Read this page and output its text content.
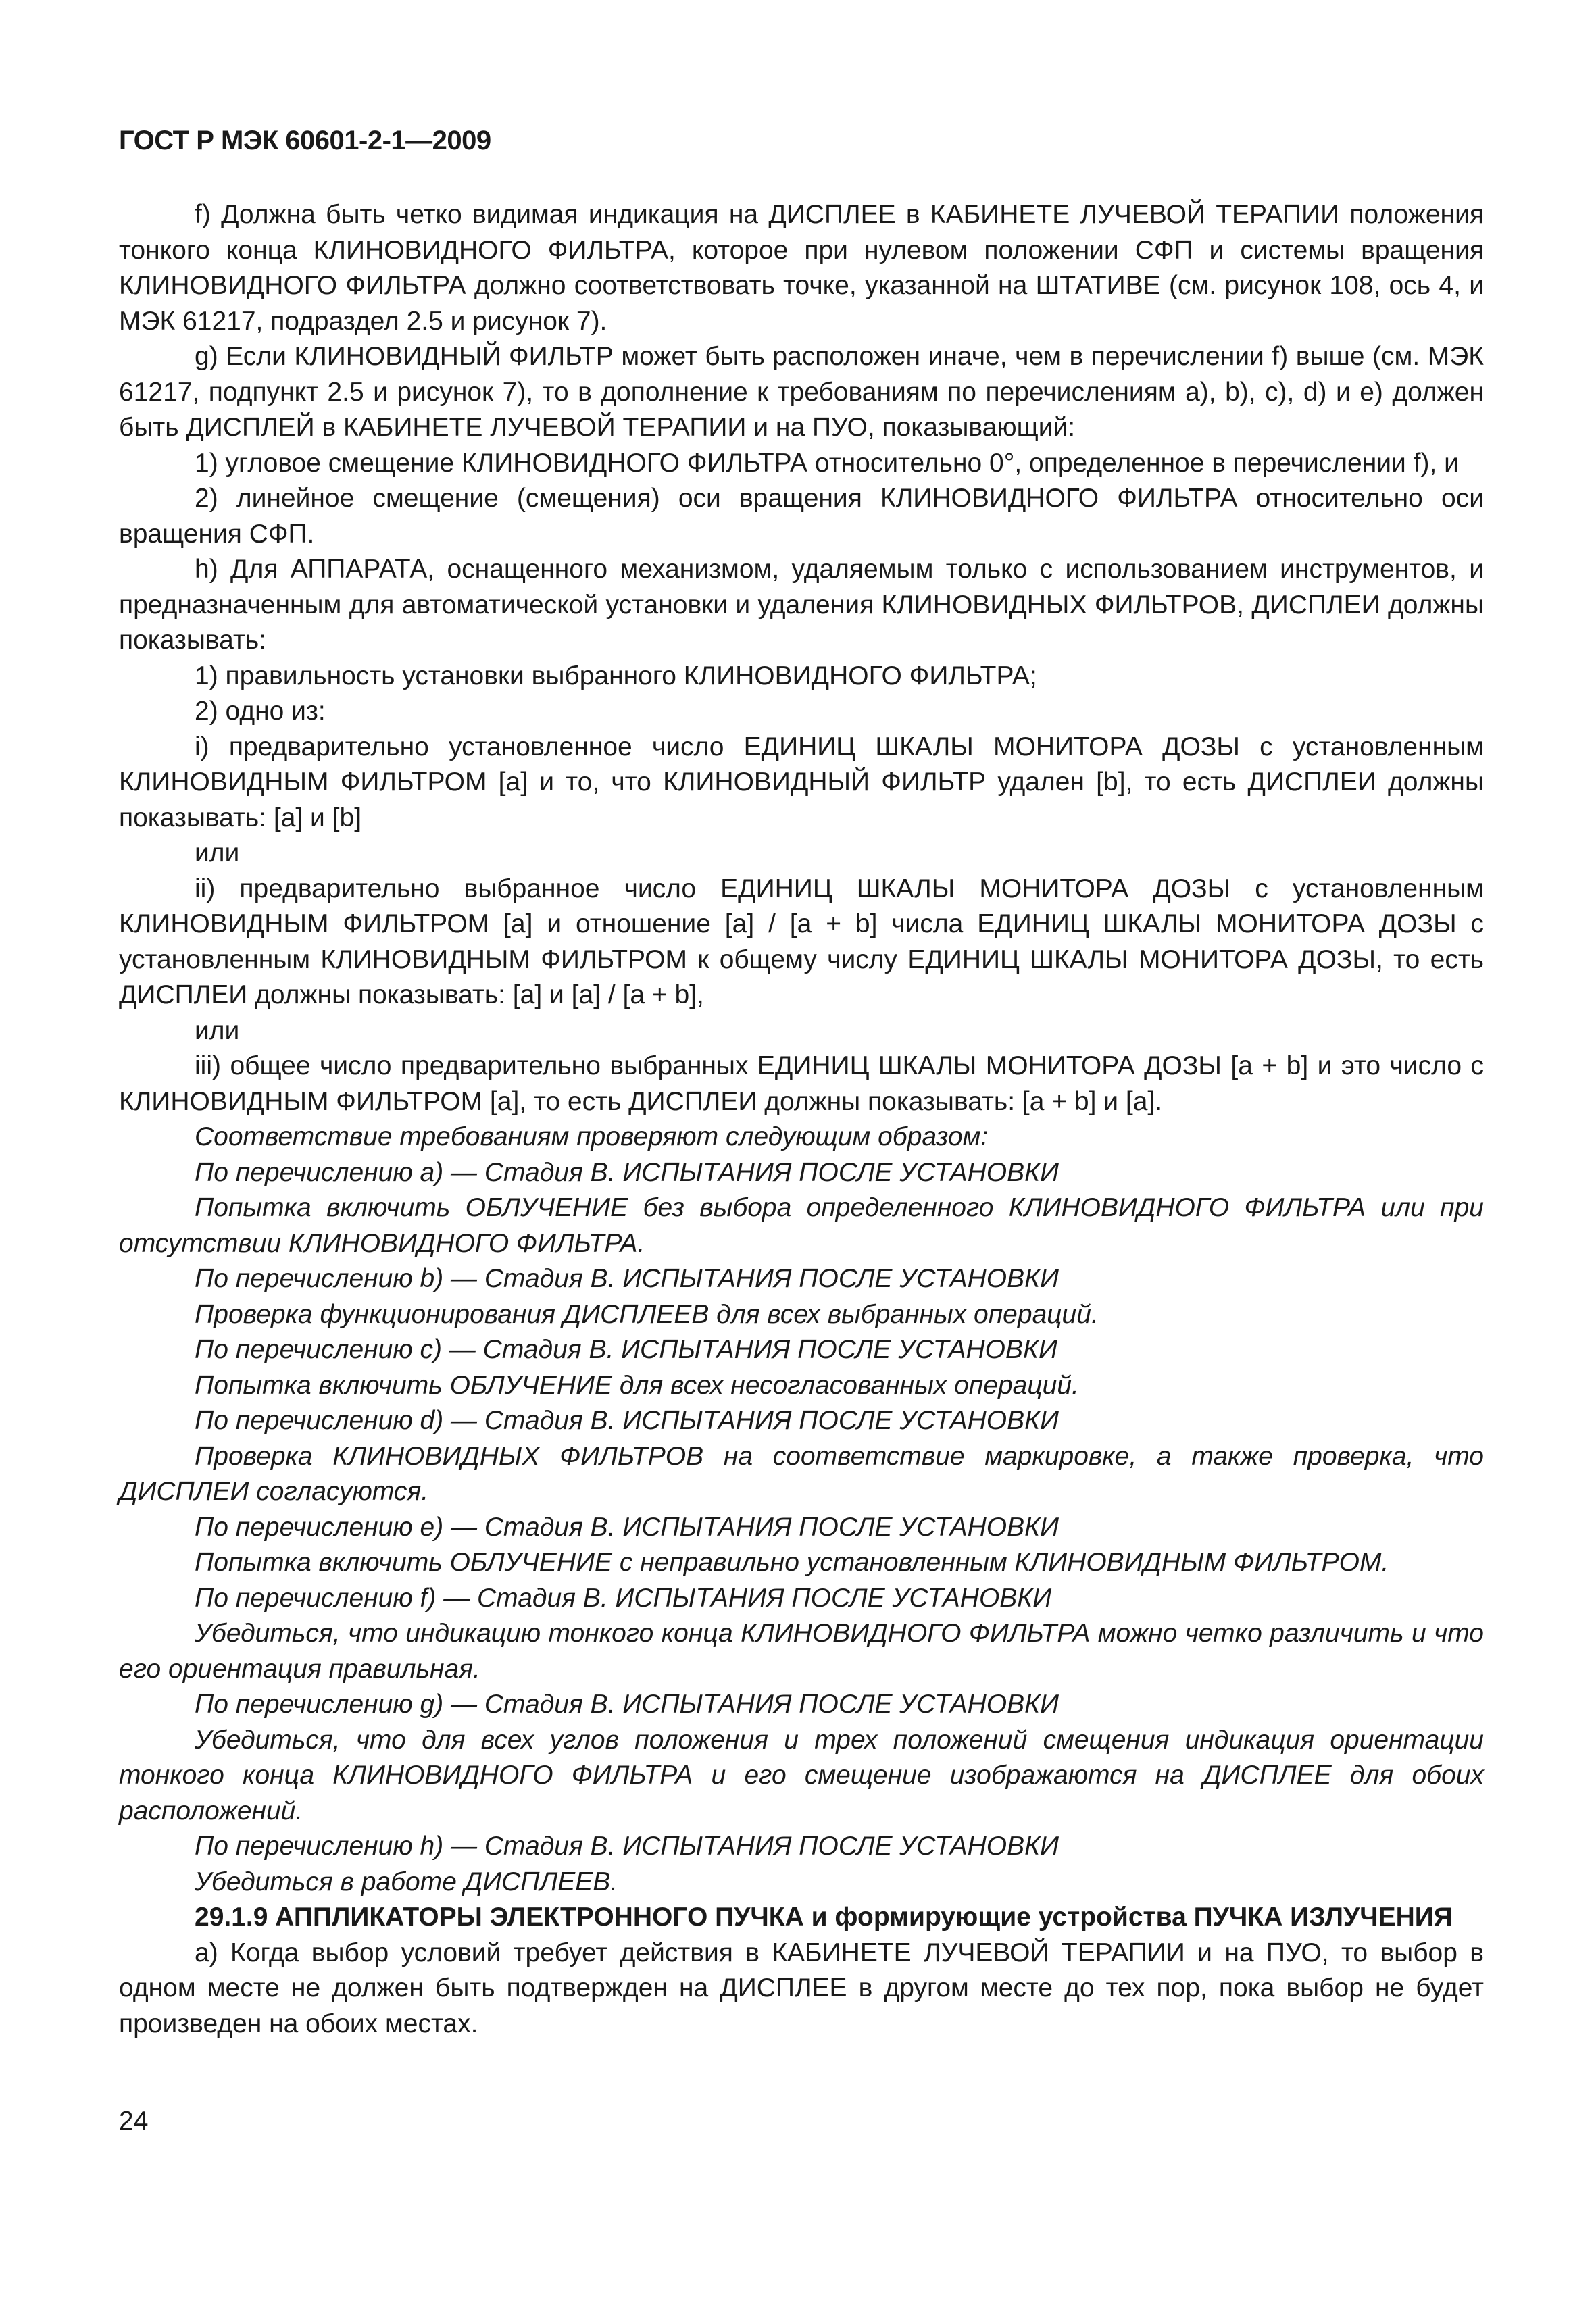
ГОСТ Р МЭК 60601-2-1—2009

f) Должна быть четко видимая индикация на ДИСПЛЕЕ в КАБИНЕТЕ ЛУЧЕВОЙ ТЕРАПИИ положения тонкого конца КЛИНОВИДНОГО ФИЛЬТРА, которое при нулевом положении СФП и системы вращения КЛИНОВИДНОГО ФИЛЬТРА должно соответствовать точке, указанной на ШТАТИВЕ (см. рисунок 108, ось 4, и МЭК 61217, подраздел 2.5 и рисунок 7).

g) Если КЛИНОВИДНЫЙ ФИЛЬТР может быть расположен иначе, чем в перечислении f) выше (см. МЭК 61217, подпункт 2.5 и рисунок 7), то в дополнение к требованиям по перечислениям a), b), c), d) и e) должен быть ДИСПЛЕЙ в КАБИНЕТЕ ЛУЧЕВОЙ ТЕРАПИИ и на ПУО, показывающий:

1) угловое смещение КЛИНОВИДНОГО ФИЛЬТРА относительно 0°, определенное в перечислении f), и

2) линейное смещение (смещения) оси вращения КЛИНОВИДНОГО ФИЛЬТРА относительно оси вращения СФП.

h) Для АППАРАТА, оснащенного механизмом, удаляемым только с использованием инструментов, и предназначенным для автоматической установки и удаления КЛИНОВИДНЫХ ФИЛЬТРОВ, ДИСПЛЕИ должны показывать:

1) правильность установки выбранного КЛИНОВИДНОГО ФИЛЬТРА;

2) одно из:

i) предварительно установленное число ЕДИНИЦ ШКАЛЫ МОНИТОРА ДОЗЫ с установленным КЛИНОВИДНЫМ ФИЛЬТРОМ [a] и то, что КЛИНОВИДНЫЙ ФИЛЬТР удален [b], то есть ДИСПЛЕИ должны показывать: [a] и [b]

или

ii) предварительно выбранное число ЕДИНИЦ ШКАЛЫ МОНИТОРА ДОЗЫ с установленным КЛИНОВИДНЫМ ФИЛЬТРОМ [a] и отношение [a] / [a + b] числа ЕДИНИЦ ШКАЛЫ МОНИТОРА ДОЗЫ с установленным КЛИНОВИДНЫМ ФИЛЬТРОМ к общему числу ЕДИНИЦ ШКАЛЫ МОНИТОРА ДОЗЫ, то есть ДИСПЛЕИ должны показывать: [a] и [a] / [a + b],

или

iii) общее число предварительно выбранных ЕДИНИЦ ШКАЛЫ МОНИТОРА ДОЗЫ [a + b] и это число с КЛИНОВИДНЫМ ФИЛЬТРОМ [a], то есть ДИСПЛЕИ должны показывать: [a + b] и [a].

Соответствие требованиям проверяют следующим образом:

По перечислению a) — Стадия В. ИСПЫТАНИЯ ПОСЛЕ УСТАНОВКИ

Попытка включить ОБЛУЧЕНИЕ без выбора определенного КЛИНОВИДНОГО ФИЛЬТРА или при отсутствии КЛИНОВИДНОГО ФИЛЬТРА.

По перечислению b) — Стадия В. ИСПЫТАНИЯ ПОСЛЕ УСТАНОВКИ

Проверка функционирования ДИСПЛЕЕВ для всех выбранных операций.

По перечислению c) — Стадия В. ИСПЫТАНИЯ ПОСЛЕ УСТАНОВКИ

Попытка включить ОБЛУЧЕНИЕ для всех несогласованных операций.

По перечислению d) — Стадия В. ИСПЫТАНИЯ ПОСЛЕ УСТАНОВКИ

Проверка КЛИНОВИДНЫХ ФИЛЬТРОВ на соответствие маркировке, а также проверка, что ДИСПЛЕИ согласуются.

По перечислению e) — Стадия В. ИСПЫТАНИЯ ПОСЛЕ УСТАНОВКИ

Попытка включить ОБЛУЧЕНИЕ с неправильно установленным КЛИНОВИДНЫМ ФИЛЬТРОМ.

По перечислению f) — Стадия В. ИСПЫТАНИЯ ПОСЛЕ УСТАНОВКИ

Убедиться, что индикацию тонкого конца КЛИНОВИДНОГО ФИЛЬТРА можно четко различить и что его ориентация правильная.

По перечислению g) — Стадия В. ИСПЫТАНИЯ ПОСЛЕ УСТАНОВКИ

Убедиться, что для всех углов положения и трех положений смещения индикация ориентации тонкого конца КЛИНОВИДНОГО ФИЛЬТРА и его смещение изображаются на ДИСПЛЕЕ для обоих расположений.

По перечислению h) — Стадия В. ИСПЫТАНИЯ ПОСЛЕ УСТАНОВКИ

Убедиться в работе ДИСПЛЕЕВ.

29.1.9 АППЛИКАТОРЫ ЭЛЕКТРОННОГО ПУЧКА и формирующие устройства ПУЧКА ИЗЛУЧЕНИЯ

a) Когда выбор условий требует действия в КАБИНЕТЕ ЛУЧЕВОЙ ТЕРАПИИ и на ПУО, то выбор в одном месте не должен быть подтвержден на ДИСПЛЕЕ в другом месте до тех пор, пока выбор не будет произведен на обоих местах.

24
